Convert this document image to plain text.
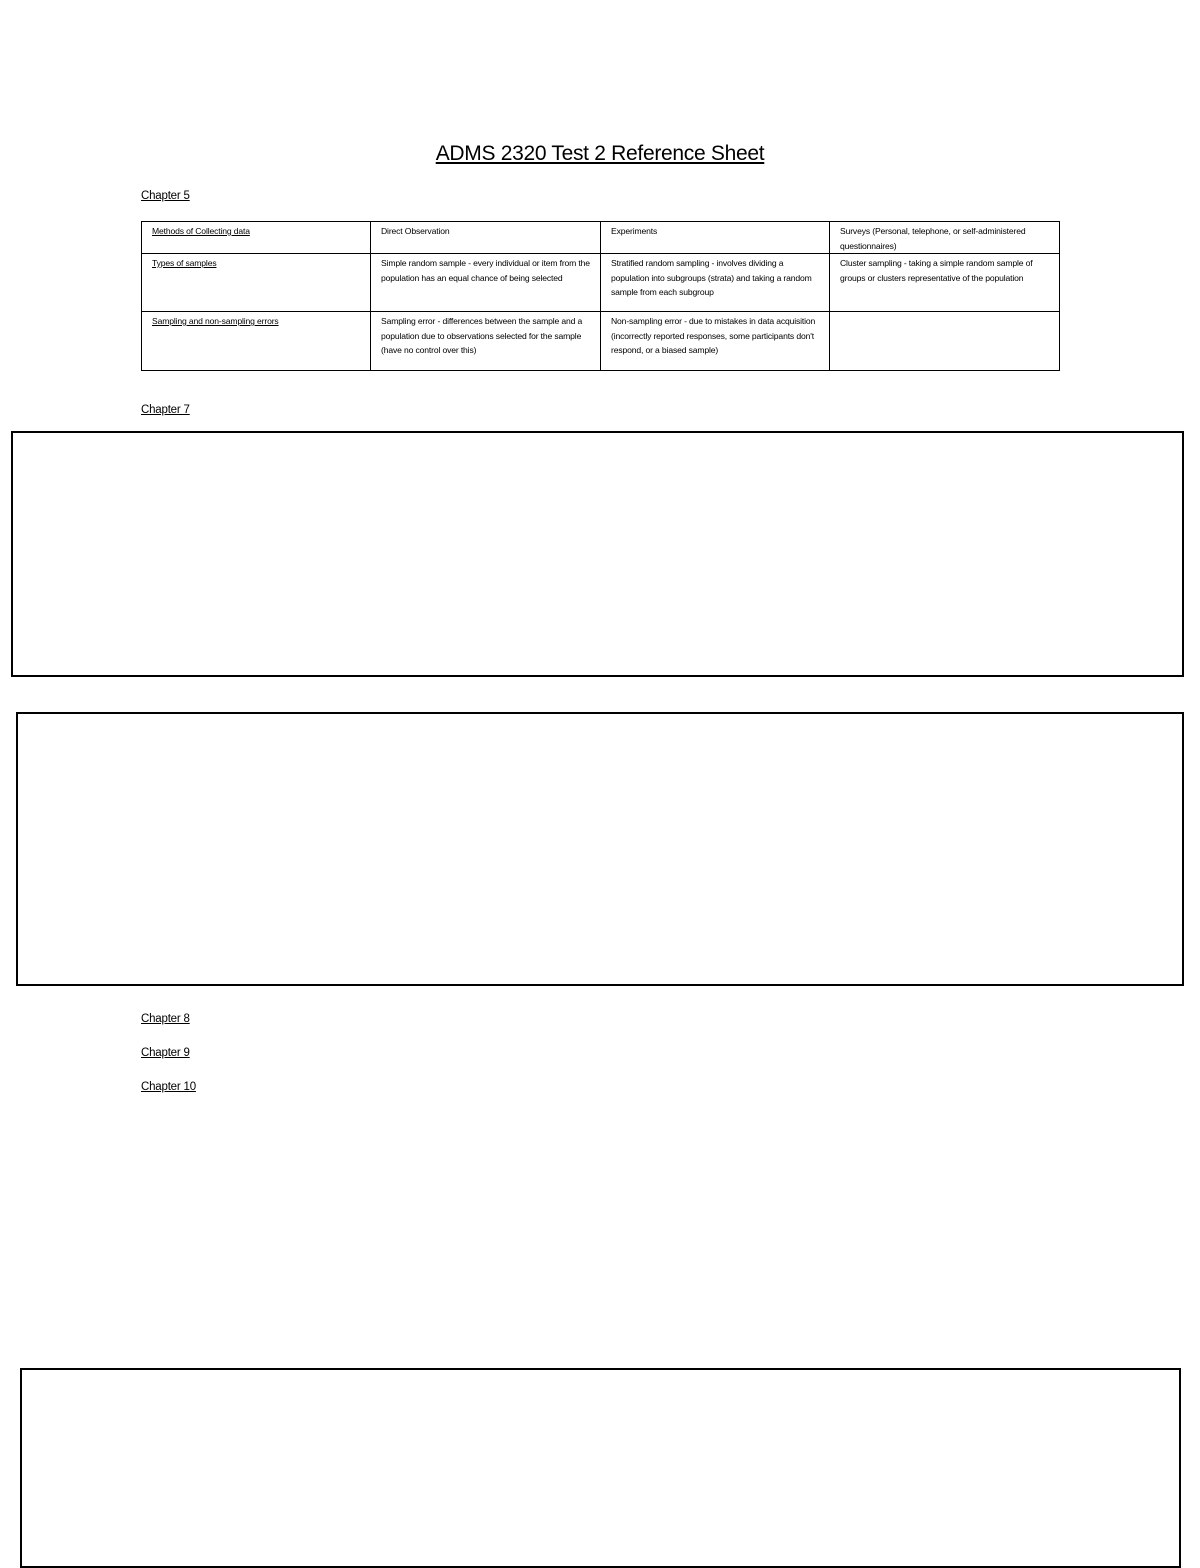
ADMS 2320 Test 2 Reference Sheet
Chapter 5
Methods of Collecting data	Direct Observation	Experiments	Surveys (Personal, telephone, or self-administered questionnaires)
Types of samples	Simple random sample - every individual or item from the population has an equal chance of being selected	Stratified random sampling - involves dividing a population into subgroups (strata) and taking a random sample from each subgroup	Cluster sampling - taking a simple random sample of groups or clusters representative of the population
Sampling and non-sampling errors	Sampling error - differences between the sample and a population due to observations selected for the sample (have no control over this)	Non-sampling error - due to mistakes in data acquisition (incorrectly reported responses, some participants don't respond, or a biased sample)	
Chapter 7
Chapter 8
Chapter 9
Chapter 10
